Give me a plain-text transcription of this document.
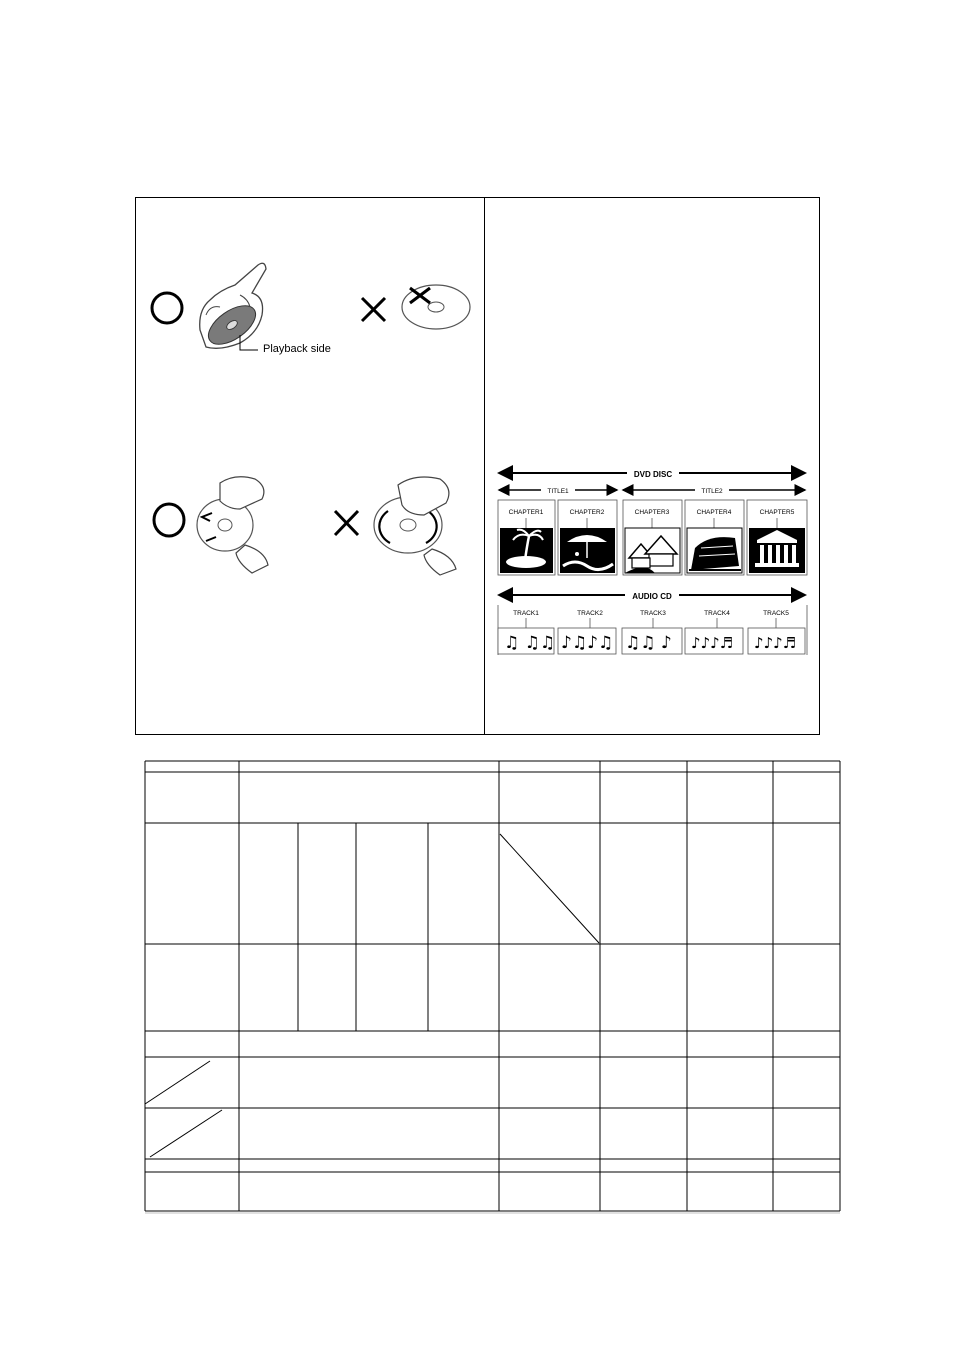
Playback side
DVD DISC
TITLE1	TITLE2
CHAPTER1	CHAPTER2	CHAPTER3	CHAPTER4	CHAPTER5
AUDIO CD
TRACK1	TRACK2	TRACK3	TRACK4	TRACK5
♫ ♫♫ ♪♫♪♫ ♫♫ ♪ ♪♪♪♬ ♪♪♪♬
